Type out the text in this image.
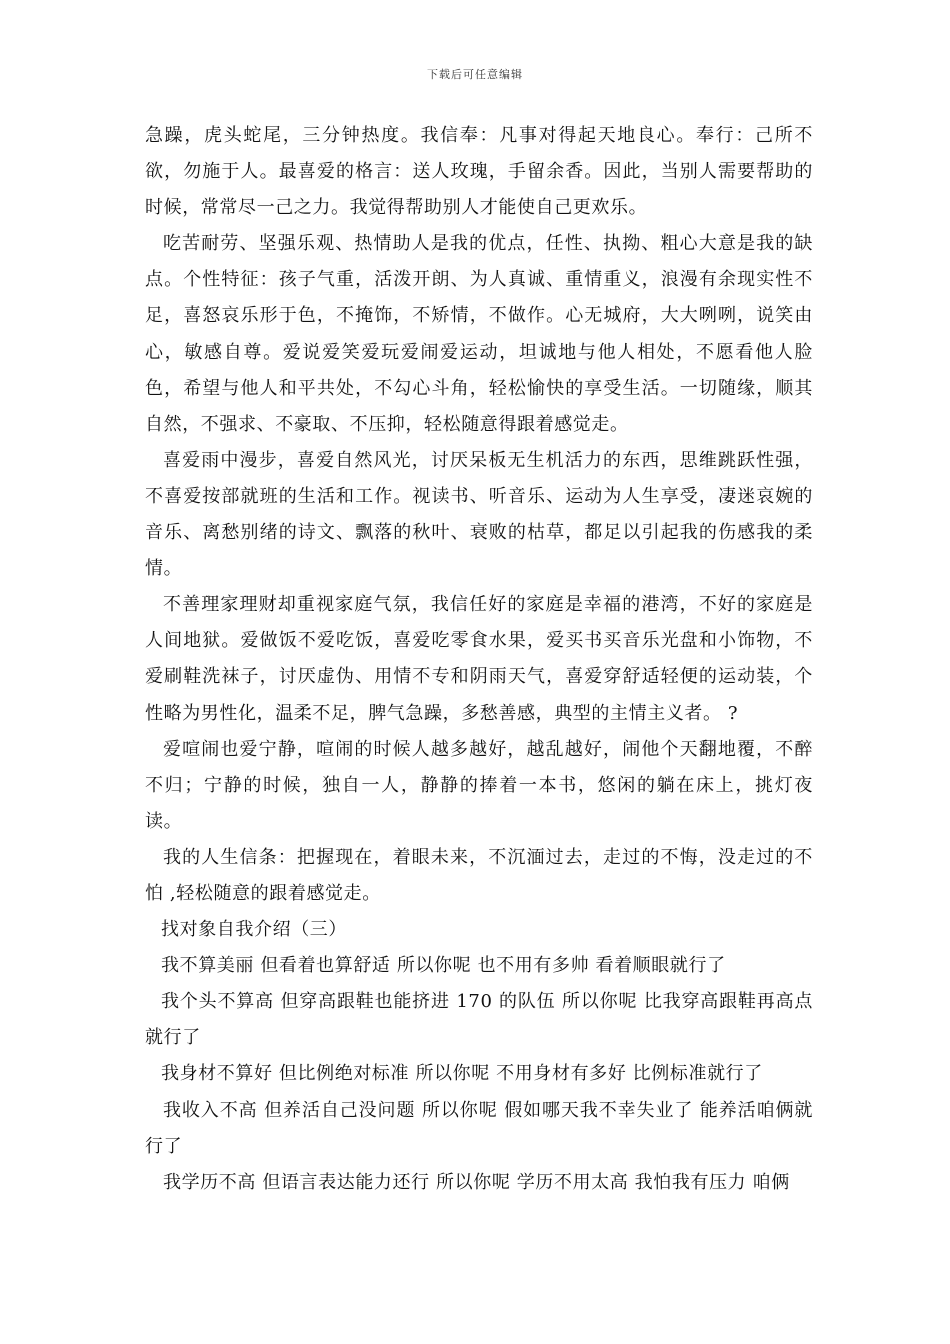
下载后可任意编辑

急躁，虎头蛇尾，三分钟热度。我信奉：凡事对得起天地良心。奉行：己所不欲，勿施于人。最喜爱的格言：送人玫瑰，手留余香。因此，当别人需要帮助的时候，常常尽一己之力。我觉得帮助别人才能使自己更欢乐。

吃苦耐劳、坚强乐观、热情助人是我的优点，任性、执拗、粗心大意是我的缺点。个性特征：孩子气重，活泼开朗、为人真诚、重情重义，浪漫有余现实性不足，喜怒哀乐形于色，不掩饰，不矫情，不做作。心无城府，大大咧咧，说笑由心，敏感自尊。爱说爱笑爱玩爱闹爱运动，坦诚地与他人相处，不愿看他人脸色，希望与他人和平共处，不勾心斗角，轻松愉快的享受生活。一切随缘，顺其自然，不强求、不豪取、不压抑，轻松随意得跟着感觉走。

喜爱雨中漫步，喜爱自然风光，讨厌呆板无生机活力的东西，思维跳跃性强，不喜爱按部就班的生活和工作。视读书、听音乐、运动为人生享受，凄迷哀婉的音乐、离愁别绪的诗文、飘落的秋叶、衰败的枯草，都足以引起我的伤感我的柔情。

不善理家理财却重视家庭气氛，我信任好的家庭是幸福的港湾，不好的家庭是人间地狱。爱做饭不爱吃饭，喜爱吃零食水果，爱买书买音乐光盘和小饰物，不爱刷鞋洗袜子，讨厌虚伪、用情不专和阴雨天气，喜爱穿舒适轻便的运动装，个性略为男性化，温柔不足，脾气急躁，多愁善感，典型的主情主义者。 ?

爱喧闹也爱宁静，喧闹的时候人越多越好，越乱越好，闹他个天翻地覆，不醉不归；宁静的时候，独自一人，静静的捧着一本书，悠闲的躺在床上，挑灯夜读。

我的人生信条：把握现在，着眼未来，不沉湎过去，走过的不悔，没走过的不怕 ,轻松随意的跟着感觉走。

找对象自我介绍（三）

我不算美丽 但看着也算舒适 所以你呢 也不用有多帅 看着顺眼就行了

我个头不算高 但穿高跟鞋也能挤进 170 的队伍 所以你呢 比我穿高跟鞋再高点就行了

我身材不算好 但比例绝对标准 所以你呢 不用身材有多好 比例标准就行了

我收入不高 但养活自己没问题 所以你呢 假如哪天我不幸失业了 能养活咱俩就行了

我学历不高 但语言表达能力还行 所以你呢 学历不用太高 我怕我有压力 咱俩
